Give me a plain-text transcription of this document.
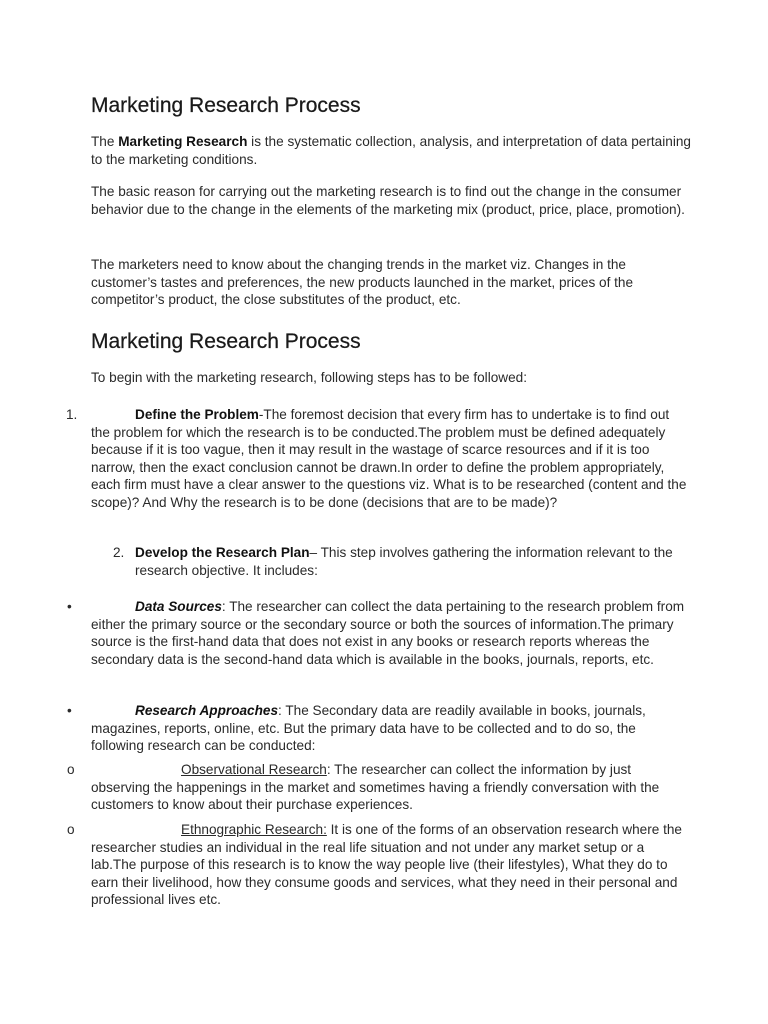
Marketing Research Process

The Marketing Research is the systematic collection, analysis, and interpretation of data pertaining to the marketing conditions.

The basic reason for carrying out the marketing research is to find out the change in the consumer behavior due to the change in the elements of the marketing mix (product, price, place, promotion).

The marketers need to know about the changing trends in the market viz. Changes in the customer’s tastes and preferences, the new products launched in the market, prices of the competitor’s product, the close substitutes of the product, etc.

Marketing Research Process

To begin with the marketing research, following steps has to be followed:

1.	Define the Problem-The foremost decision that every firm has to undertake is to find out the problem for which the research is to be conducted.The problem must be defined adequately because if it is too vague, then it may result in the wastage of scarce resources and if it is too narrow, then the exact conclusion cannot be drawn.In order to define the problem appropriately, each firm must have a clear answer to the questions viz. What is to be researched (content and the scope)? And Why the research is to be done (decisions that are to be made)?

2. Develop the Research Plan– This step involves gathering the information relevant to the research objective. It includes:

•	Data Sources: The researcher can collect the data pertaining to the research problem from either the primary source or the secondary source or both the sources of information.The primary source is the first-hand data that does not exist in any books or research reports whereas the secondary data is the second-hand data which is available in the books, journals, reports, etc.

•	Research Approaches: The Secondary data are readily available in books, journals, magazines, reports, online, etc. But the primary data have to be collected and to do so, the following research can be conducted:

o	Observational Research: The researcher can collect the information by just observing the happenings in the market and sometimes having a friendly conversation with the customers to know about their purchase experiences.

o	Ethnographic Research: It is one of the forms of an observation research where the researcher studies an individual in the real life situation and not under any market setup or a lab.The purpose of this research is to know the way people live (their lifestyles), What they do to earn their livelihood, how they consume goods and services, what they need in their personal and professional lives etc.
